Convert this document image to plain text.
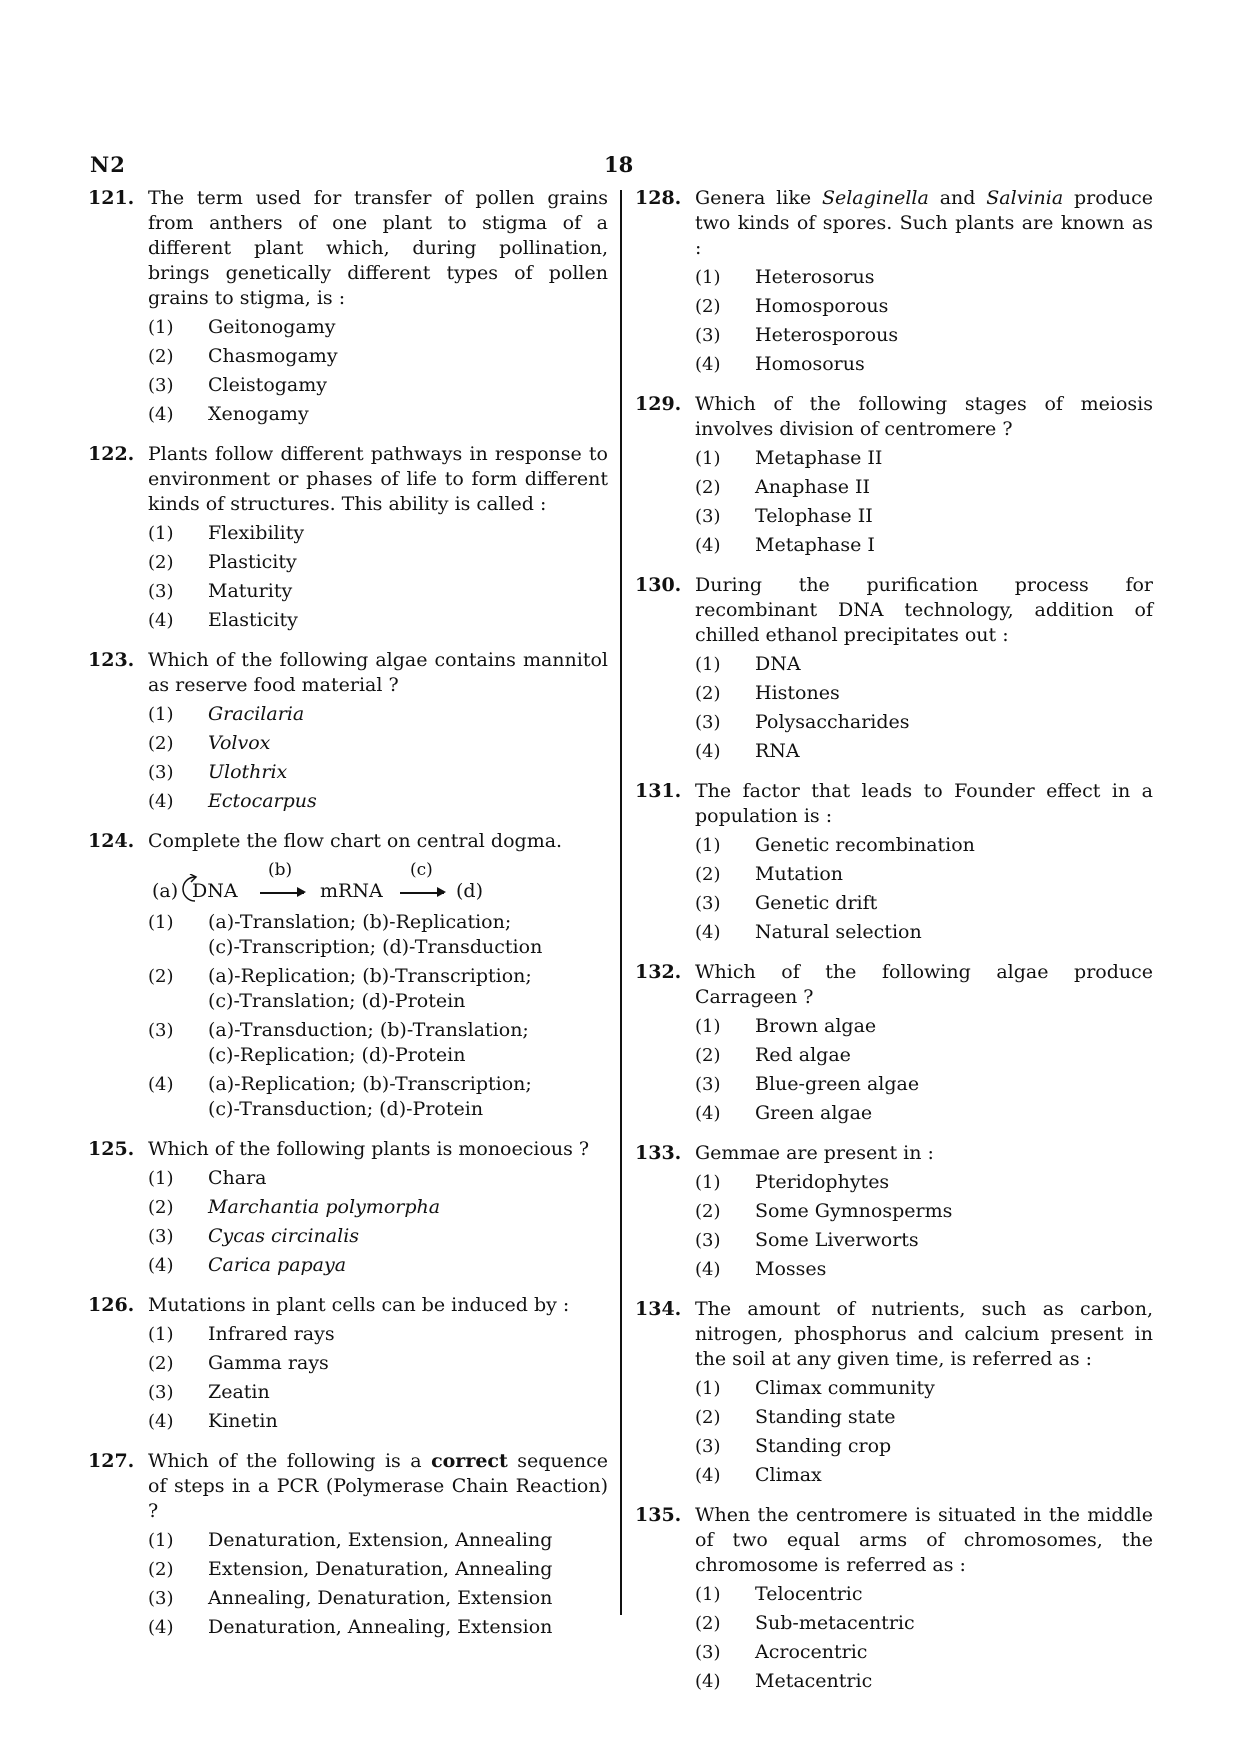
N2	18
121. The term used for transfer of pollen grains from anthers of one plant to stigma of a different plant which, during pollination, brings genetically different types of pollen grains to stigma, is :
(1) Geitonogamy
(2) Chasmogamy
(3) Cleistogamy
(4) Xenogamy
122. Plants follow different pathways in response to environment or phases of life to form different kinds of structures. This ability is called :
(1) Flexibility
(2) Plasticity
(3) Maturity
(4) Elasticity
123. Which of the following algae contains mannitol as reserve food material ?
(1) Gracilaria
(2) Volvox
(3) Ulothrix
(4) Ectocarpus
124. Complete the flow chart on central dogma.
(a) DNA
(b)
mRNA
(c)
(d)
(1) (a)-Translation; (b)-Replication;
(c)-Transcription; (d)-Transduction
(2) (a)-Replication; (b)-Transcription;
(c)-Translation; (d)-Protein
(3) (a)-Transduction; (b)-Translation;
(c)-Replication; (d)-Protein
(4) (a)-Replication; (b)-Transcription;
(c)-Transduction; (d)-Protein
125. Which of the following plants is monoecious ?
(1) Chara
(2) Marchantia polymorpha
(3) Cycas circinalis
(4) Carica papaya
126. Mutations in plant cells can be induced by :
(1) Infrared rays
(2) Gamma rays
(3) Zeatin
(4) Kinetin
127. Which of the following is a correct sequence of steps in a PCR (Polymerase Chain Reaction) ?
(1) Denaturation, Extension, Annealing
(2) Extension, Denaturation, Annealing
(3) Annealing, Denaturation, Extension
(4) Denaturation, Annealing, Extension
128. Genera like Selaginella and Salvinia produce two kinds of spores. Such plants are known as :
(1) Heterosorus
(2) Homosporous
(3) Heterosporous
(4) Homosorus
129. Which of the following stages of meiosis involves division of centromere ?
(1) Metaphase II
(2) Anaphase II
(3) Telophase II
(4) Metaphase I
130. During the purification process for recombinant DNA technology, addition of chilled ethanol precipitates out :
(1) DNA
(2) Histones
(3) Polysaccharides
(4) RNA
131. The factor that leads to Founder effect in a population is :
(1) Genetic recombination
(2) Mutation
(3) Genetic drift
(4) Natural selection
132. Which of the following algae produce Carrageen ?
(1) Brown algae
(2) Red algae
(3) Blue-green algae
(4) Green algae
133. Gemmae are present in :
(1) Pteridophytes
(2) Some Gymnosperms
(3) Some Liverworts
(4) Mosses
134. The amount of nutrients, such as carbon, nitrogen, phosphorus and calcium present in the soil at any given time, is referred as :
(1) Climax community
(2) Standing state
(3) Standing crop
(4) Climax
135. When the centromere is situated in the middle of two equal arms of chromosomes, the chromosome is referred as :
(1) Telocentric
(2) Sub-metacentric
(3) Acrocentric
(4) Metacentric
